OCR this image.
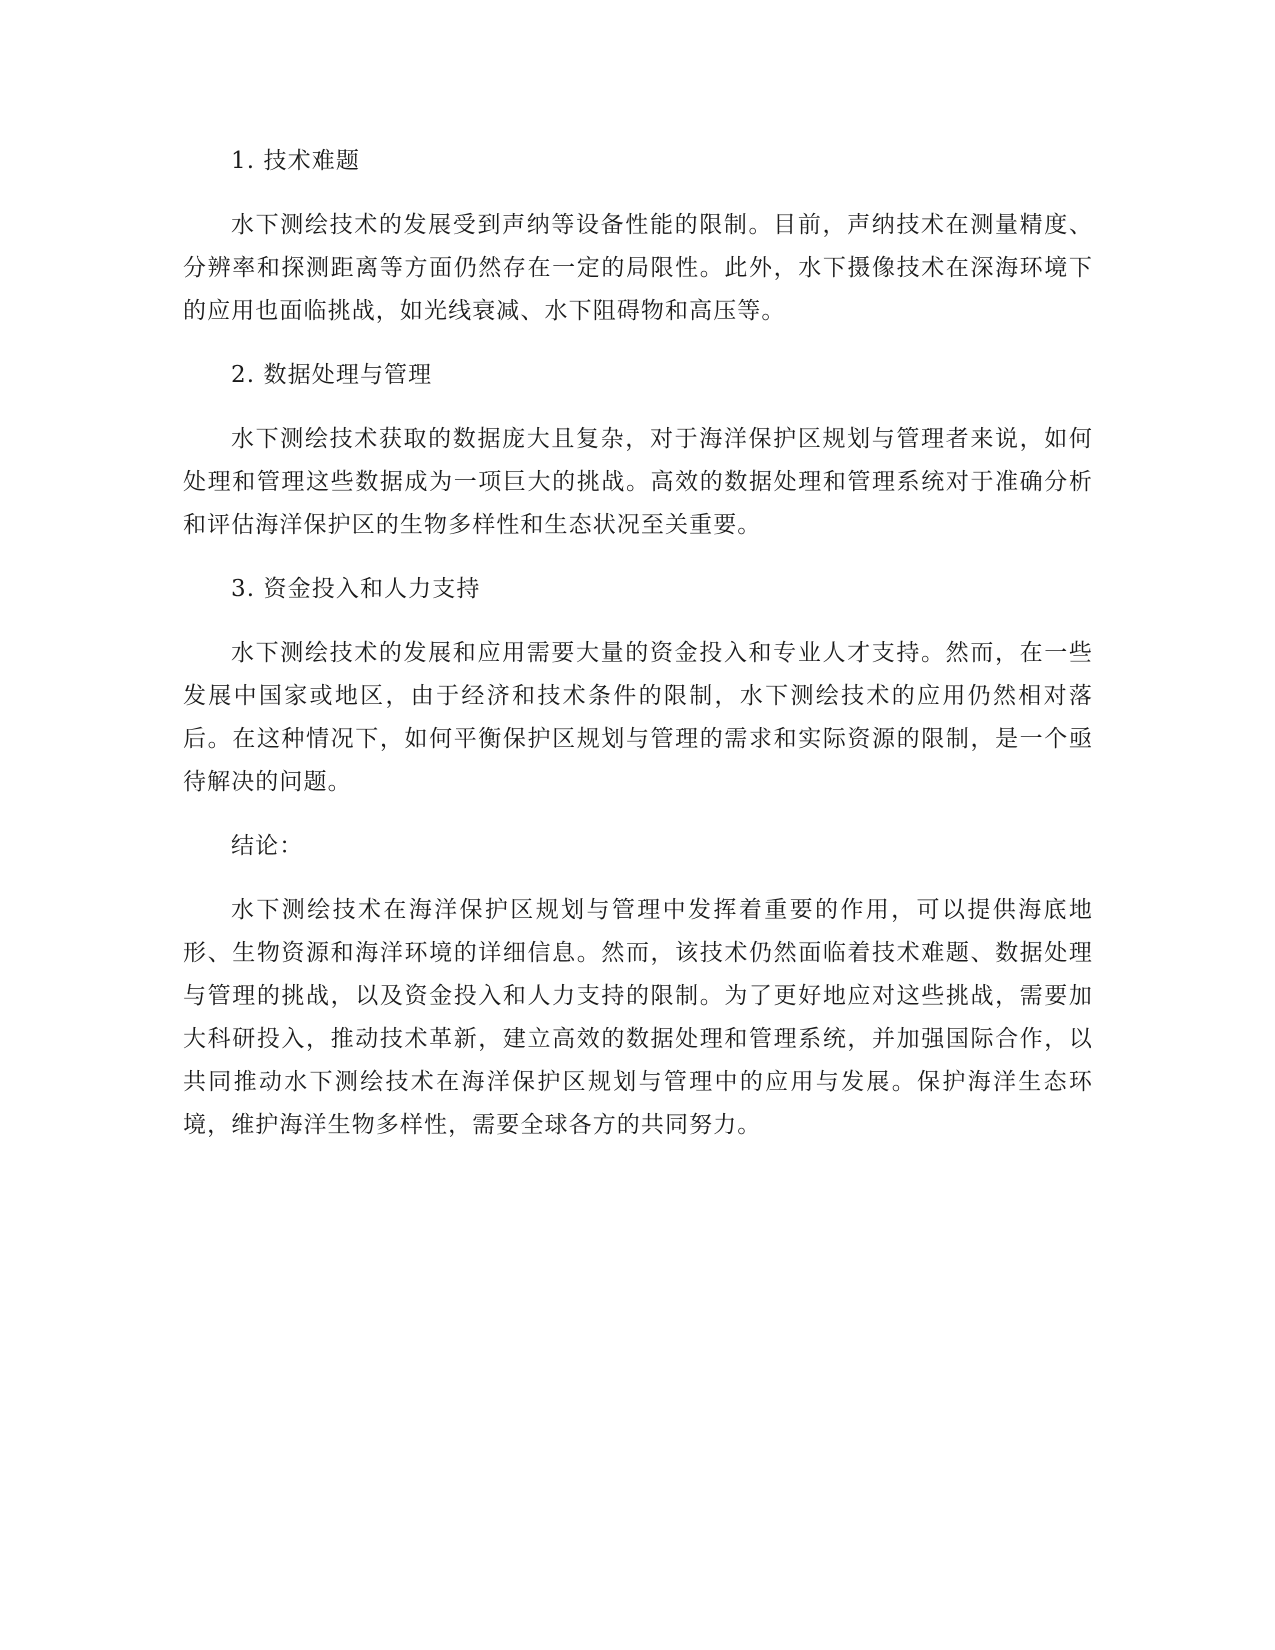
1. 技术难题

水下测绘技术的发展受到声纳等设备性能的限制。目前，声纳技术在测量精度、分辨率和探测距离等方面仍然存在一定的局限性。此外，水下摄像技术在深海环境下的应用也面临挑战，如光线衰减、水下阻碍物和高压等。

2. 数据处理与管理

水下测绘技术获取的数据庞大且复杂，对于海洋保护区规划与管理者来说，如何处理和管理这些数据成为一项巨大的挑战。高效的数据处理和管理系统对于准确分析和评估海洋保护区的生物多样性和生态状况至关重要。

3. 资金投入和人力支持

水下测绘技术的发展和应用需要大量的资金投入和专业人才支持。然而，在一些发展中国家或地区，由于经济和技术条件的限制，水下测绘技术的应用仍然相对落后。在这种情况下，如何平衡保护区规划与管理的需求和实际资源的限制，是一个亟待解决的问题。

结论：

水下测绘技术在海洋保护区规划与管理中发挥着重要的作用，可以提供海底地形、生物资源和海洋环境的详细信息。然而，该技术仍然面临着技术难题、数据处理与管理的挑战，以及资金投入和人力支持的限制。为了更好地应对这些挑战，需要加大科研投入，推动技术革新，建立高效的数据处理和管理系统，并加强国际合作，以共同推动水下测绘技术在海洋保护区规划与管理中的应用与发展。保护海洋生态环境，维护海洋生物多样性，需要全球各方的共同努力。
